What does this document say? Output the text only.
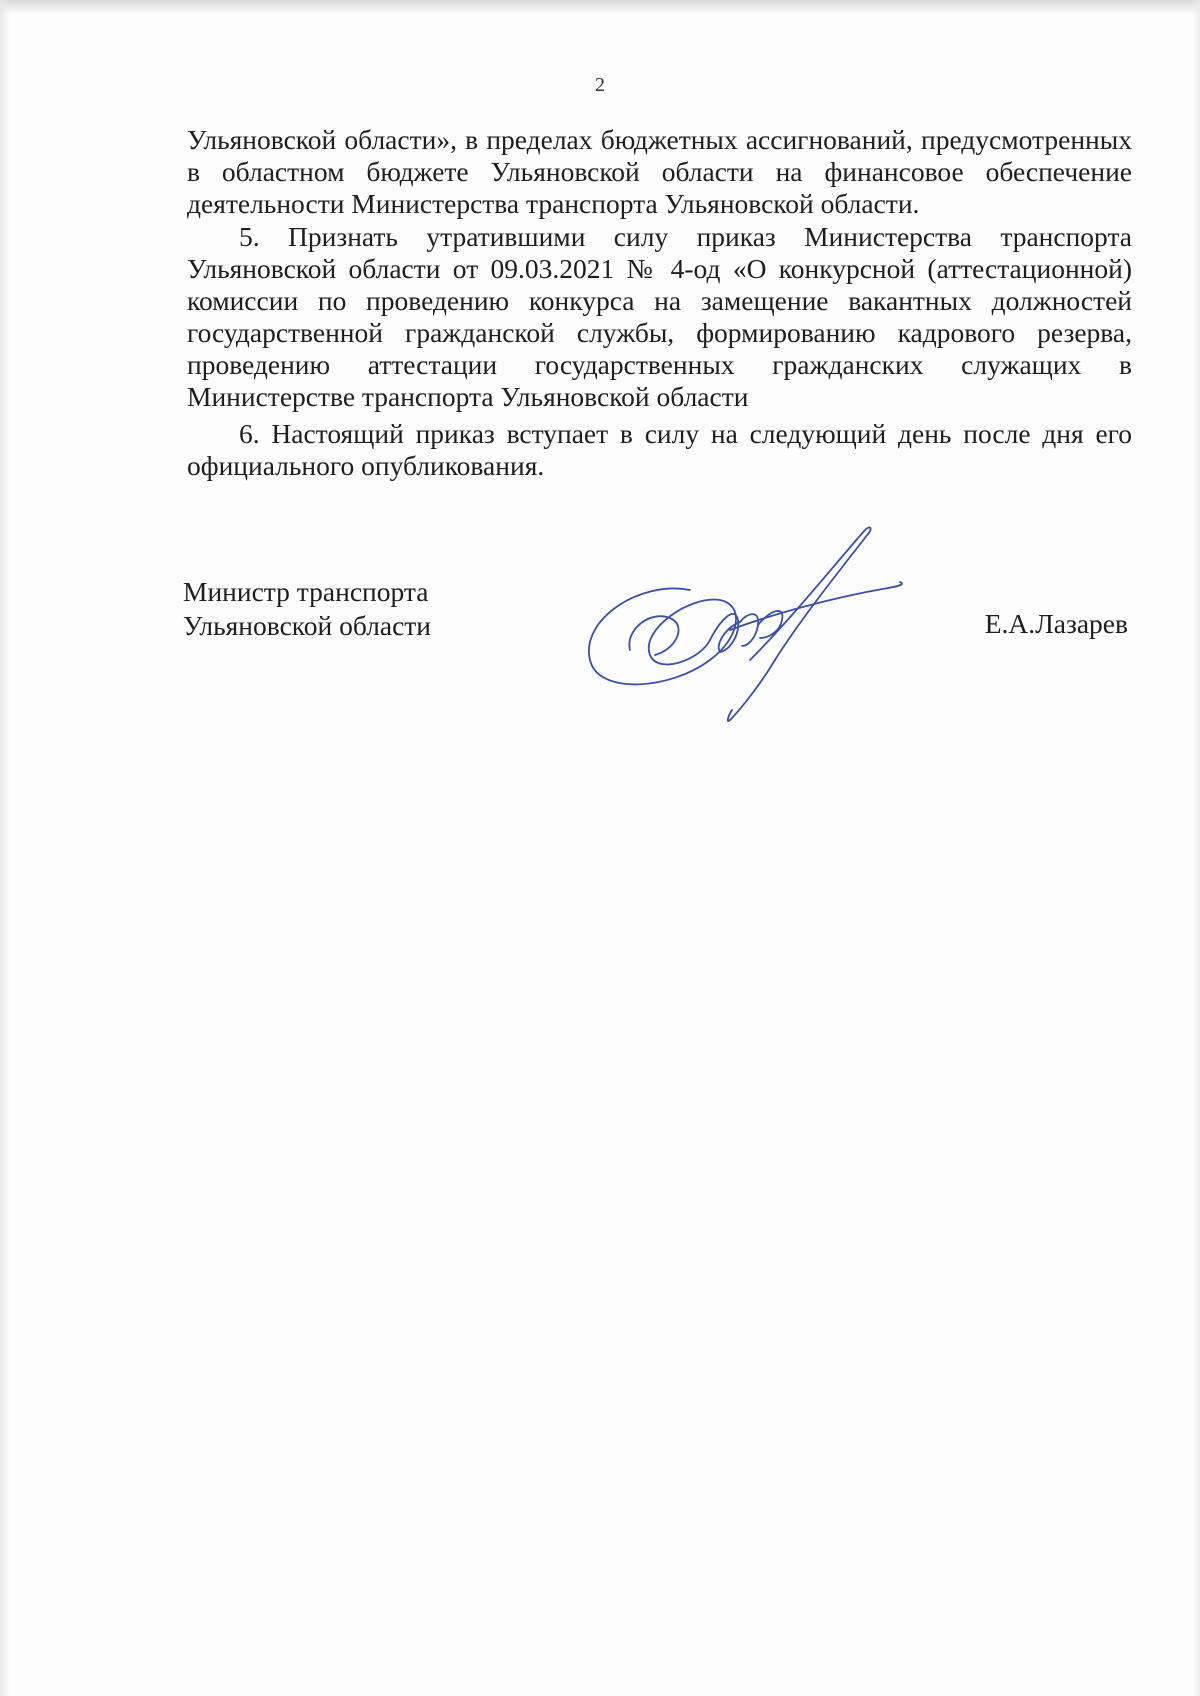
2

Ульяновской области», в пределах бюджетных ассигнований, предусмотренных в областном бюджете Ульяновской области на финансовое обеспечение деятельности Министерства транспорта Ульяновской области.

5. Признать утратившими силу приказ Министерства транспорта Ульяновской области от 09.03.2021 № 4-од «О конкурсной (аттестационной) комиссии по проведению конкурса на замещение вакантных должностей государственной гражданской службы, формированию кадрового резерва, проведению аттестации государственных гражданских служащих в Министерстве транспорта Ульяновской области

6. Настоящий приказ вступает в силу на следующий день после дня его официального опубликования.

Министр транспорта
Ульяновской области	Е.А.Лазарев
